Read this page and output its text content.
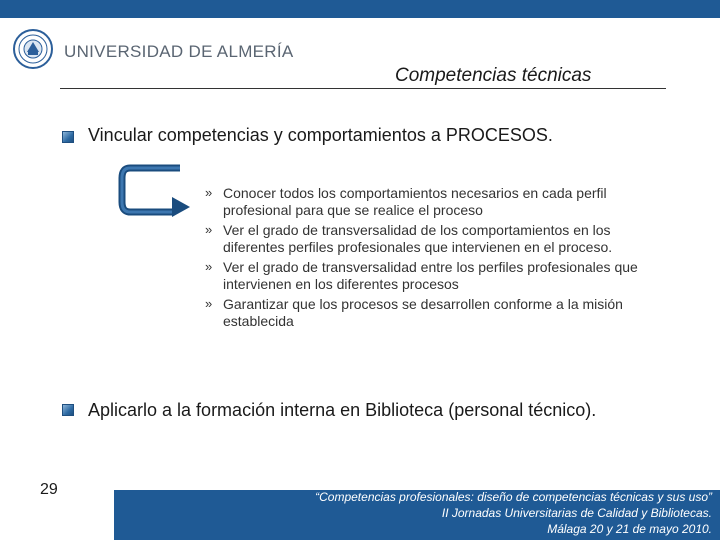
UNIVERSIDAD DE ALMERÍA
Competencias técnicas
Vincular competencias y comportamientos a PROCESOS.
» Conocer todos los comportamientos necesarios en cada perfil profesional para que se realice el proceso
» Ver el grado de transversalidad de los comportamientos en los diferentes perfiles profesionales que intervienen en el proceso.
» Ver el grado de transversalidad entre los perfiles profesionales que intervienen en los diferentes procesos
» Garantizar que los procesos se desarrollen conforme a la misión establecida
Aplicarlo a la formación interna en Biblioteca (personal técnico).
29	“Competencias profesionales: diseño de competencias técnicas y sus uso”
II Jornadas Universitarias de Calidad y Bibliotecas.
Málaga 20 y 21 de mayo 2010.
